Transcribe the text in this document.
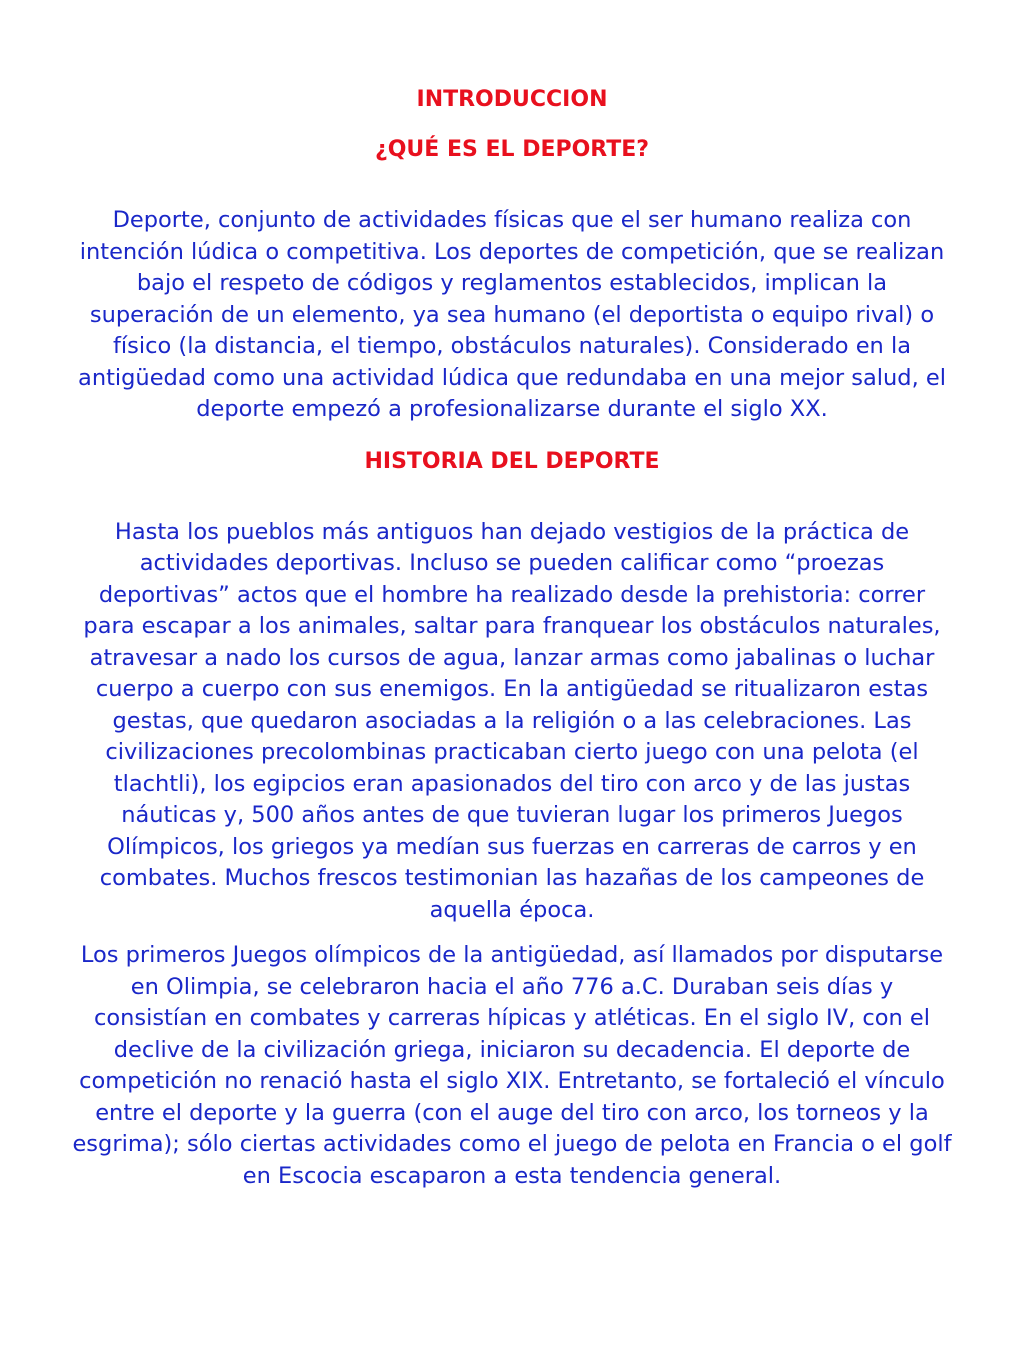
INTRODUCCION
¿QUÉ ES EL DEPORTE?

Deporte, conjunto de actividades físicas que el ser humano realiza con intención lúdica o competitiva. Los deportes de competición, que se realizan bajo el respeto de códigos y reglamentos establecidos, implican la superación de un elemento, ya sea humano (el deportista o equipo rival) o físico (la distancia, el tiempo, obstáculos naturales). Considerado en la antigüedad como una actividad lúdica que redundaba en una mejor salud, el deporte empezó a profesionalizarse durante el siglo XX.

HISTORIA DEL DEPORTE

Hasta los pueblos más antiguos han dejado vestigios de la práctica de actividades deportivas. Incluso se pueden calificar como “proezas deportivas” actos que el hombre ha realizado desde la prehistoria: correr para escapar a los animales, saltar para franquear los obstáculos naturales, atravesar a nado los cursos de agua, lanzar armas como jabalinas o luchar cuerpo a cuerpo con sus enemigos. En la antigüedad se ritualizaron estas gestas, que quedaron asociadas a la religión o a las celebraciones. Las civilizaciones precolombinas practicaban cierto juego con una pelota (el tlachtli), los egipcios eran apasionados del tiro con arco y de las justas náuticas y, 500 años antes de que tuvieran lugar los primeros Juegos Olímpicos, los griegos ya medían sus fuerzas en carreras de carros y en combates. Muchos frescos testimonian las hazañas de los campeones de aquella época.

Los primeros Juegos olímpicos de la antigüedad, así llamados por disputarse en Olimpia, se celebraron hacia el año 776 a.C. Duraban seis días y consistían en combates y carreras hípicas y atléticas. En el siglo IV, con el declive de la civilización griega, iniciaron su decadencia. El deporte de competición no renació hasta el siglo XIX. Entretanto, se fortaleció el vínculo entre el deporte y la guerra (con el auge del tiro con arco, los torneos y la esgrima); sólo ciertas actividades como el juego de pelota en Francia o el golf en Escocia escaparon a esta tendencia general.
